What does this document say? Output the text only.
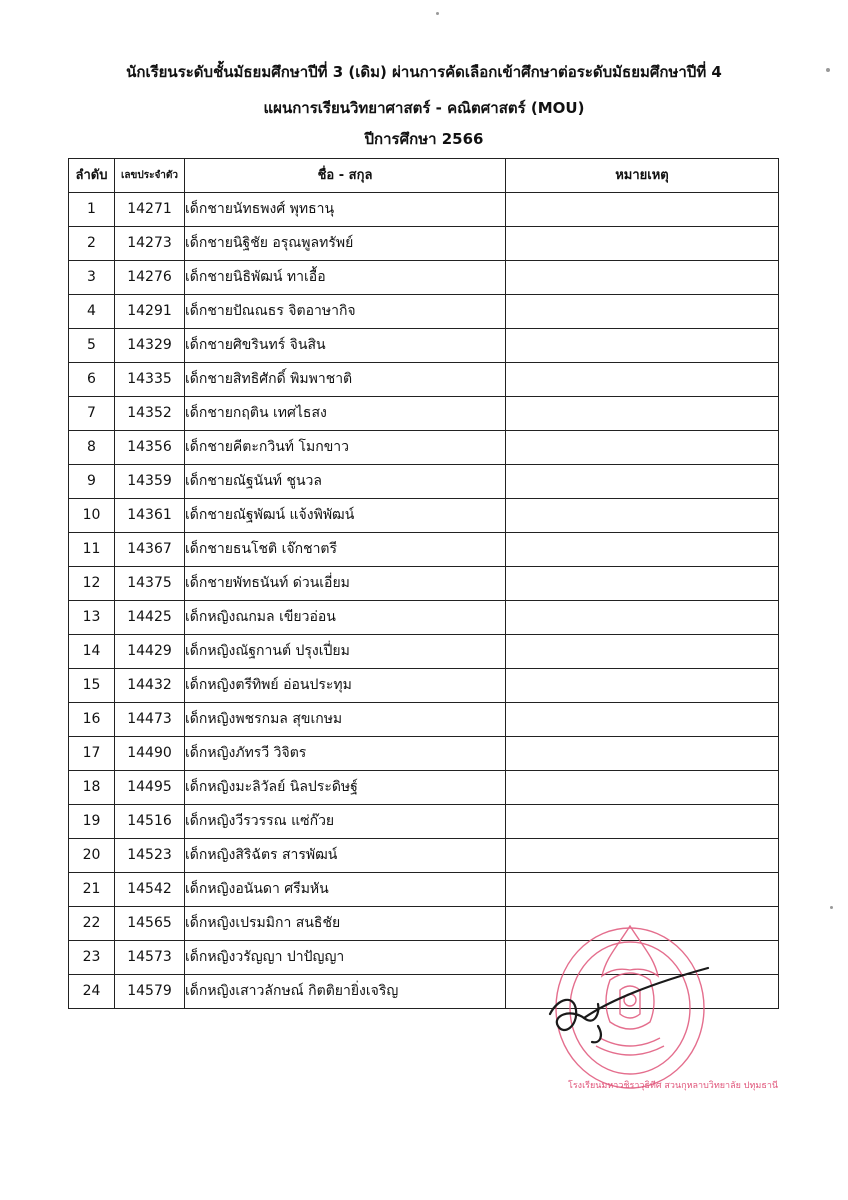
นักเรียนระดับชั้นมัธยมศึกษาปีที่ 3 (เดิม) ผ่านการคัดเลือกเข้าศึกษาต่อระดับมัธยมศึกษาปีที่ 4
แผนการเรียนวิทยาศาสตร์ - คณิตศาสตร์ (MOU)
ปีการศึกษา 2566
ลำดับ	เลขประจำตัว	ชื่อ - สกุล	หมายเหตุ
1	14271	เด็กชายนัทธพงศ์ พุทธานุ	
2	14273	เด็กชายนิฐิชัย อรุณพูลทรัพย์	
3	14276	เด็กชายนิธิพัฒน์ ทาเอื้อ	
4	14291	เด็กชายปัณณธร จิตอาษากิจ	
5	14329	เด็กชายศิขรินทร์ จินสิน	
6	14335	เด็กชายสิทธิศักดิ์ พิมพาชาติ	
7	14352	เด็กชายกฤติน เทศไธสง	
8	14356	เด็กชายคีตะกวินท์ โมกขาว	
9	14359	เด็กชายณัฐนันท์ ชูนวล	
10	14361	เด็กชายณัฐพัฒน์ แจ้งพิพัฒน์	
11	14367	เด็กชายธนโชติ เจ๊กชาตรี	
12	14375	เด็กชายพัทธนันท์ ด่วนเอี่ยม	
13	14425	เด็กหญิงณกมล เขียวอ่อน	
14	14429	เด็กหญิงณัฐกานต์ ปรุงเปี่ยม	
15	14432	เด็กหญิงตรีทิพย์ อ่อนประทุม	
16	14473	เด็กหญิงพชรกมล สุขเกษม	
17	14490	เด็กหญิงภัทรวี วิจิตร	
18	14495	เด็กหญิงมะลิวัลย์ นิลประดิษฐ์	
19	14516	เด็กหญิงวีรวรรณ แซ่ก๊วย	
20	14523	เด็กหญิงสิริฉัตร สารพัฒน์	
21	14542	เด็กหญิงอนันดา ศรีมหัน	
22	14565	เด็กหญิงเปรมมิกา สนธิชัย	
23	14573	เด็กหญิงวรัญญา ปาปัญญา	
24	14579	เด็กหญิงเสาวลักษณ์ กิตติยายิ่งเจริญ	
โรงเรียนมหาวชิราวุธิทีศ สวนกุหลาบวิทยาลัย ปทุมธานี
